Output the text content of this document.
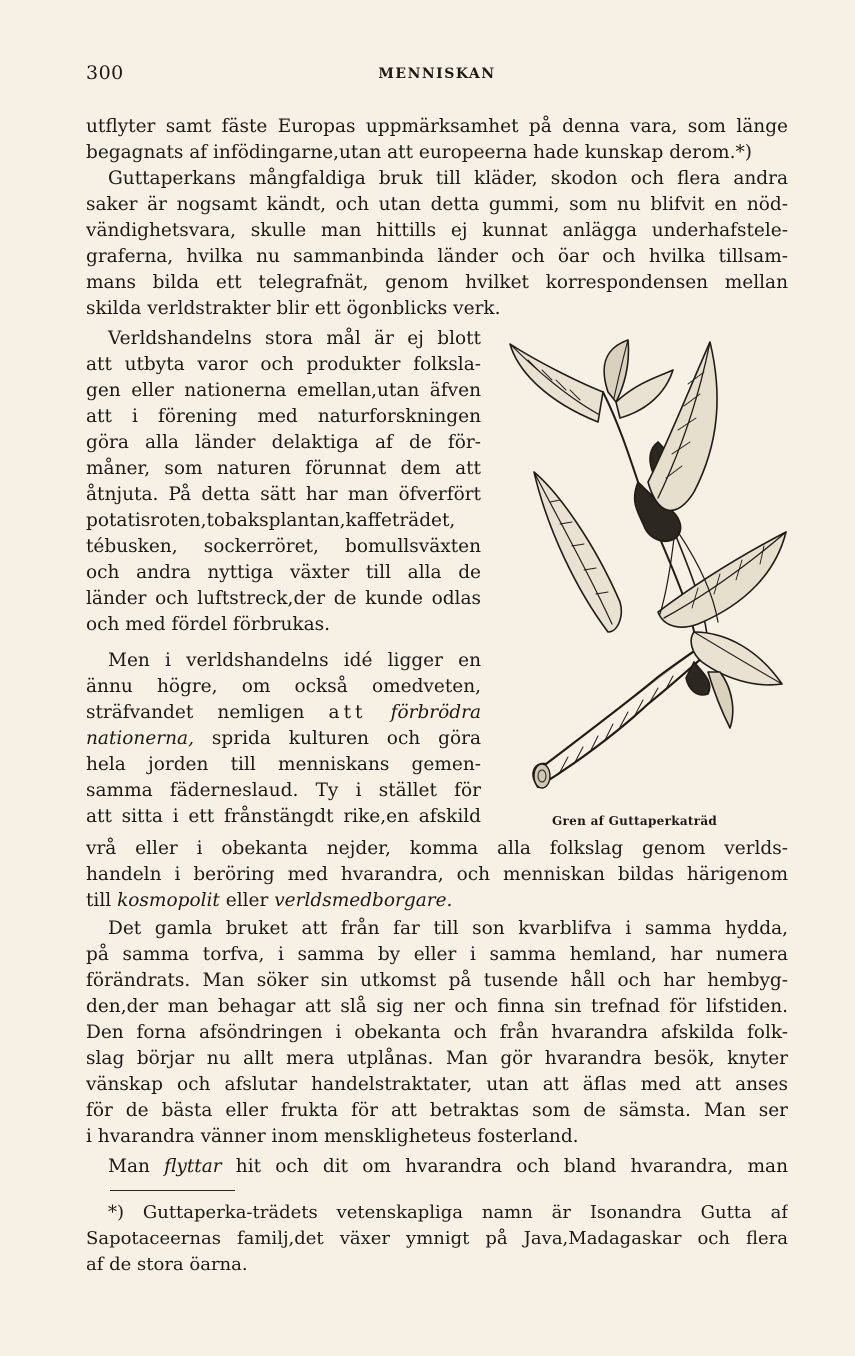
300	MENNISKAN
utflyter samt fäste Europas uppmärksamhet på denna vara, som länge
begagnats af infödingarne,utan att europeerna hade kunskap derom.*)
Guttaperkans mångfaldiga bruk till kläder, skodon och flera andra
saker är nogsamt kändt, och utan detta gummi, som nu blifvit en nöd-
vändighetsvara, skulle man hittills ej kunnat anlägga underhafstele-
graferna, hvilka nu sammanbinda länder och öar och hvilka tillsam-
mans bilda ett telegrafnät, genom hvilket korrespondensen mellan
skilda verldstrakter blir ett ögonblicks verk.
Verldshandelns stora mål är ej blott
att utbyta varor och produkter folksla-
gen eller nationerna emellan,utan äfven
att i förening med naturforskningen
göra alla länder delaktiga af de för-
måner, som naturen förunnat dem att
åtnjuta. På detta sätt har man öfverfört
potatisroten,tobaksplantan,kaffeträdet,
tébusken, sockerröret, bomullsväxten
och andra nyttiga växter till alla de
länder och luftstreck,der de kunde odlas
och med fördel förbrukas.
Men i verldshandelns idé ligger en
ännu högre, om också omedveten,
sträfvandet nemligen att förbrödra
nationerna, sprida kulturen och göra
hela jorden till menniskans gemen-
samma fäderneslaud. Ty i stället för
att sitta i ett frånstängdt rike,en afskild
vrå eller i obekanta nejder, komma alla folkslag genom verlds-
handeln i beröring med hvarandra, och menniskan bildas härigenom
till kosmopolit eller verldsmedborgare.
Det gamla bruket att från far till son kvarblifva i samma hydda,
på samma torfva, i samma by eller i samma hemland, har numera
förändrats. Man söker sin utkomst på tusende håll och har hembyg-
den,der man behagar att slå sig ner och finna sin trefnad för lifstiden.
Den forna afsöndringen i obekanta och från hvarandra afskilda folk-
slag börjar nu allt mera utplånas. Man gör hvarandra besök, knyter
vänskap och afslutar handelstraktater, utan att äflas med att anses
för de bästa eller frukta för att betraktas som de sämsta. Man ser
i hvarandra vänner inom menskligheteus fosterland.
Man flyttar hit och dit om hvarandra och bland hvarandra, man
*) Guttaperka-trädets vetenskapliga namn är Isonandra Gutta af
Sapotaceernas familj,det växer ymnigt på Java,Madagaskar och flera
af de stora öarna.
Gren af Guttaperkaträd
